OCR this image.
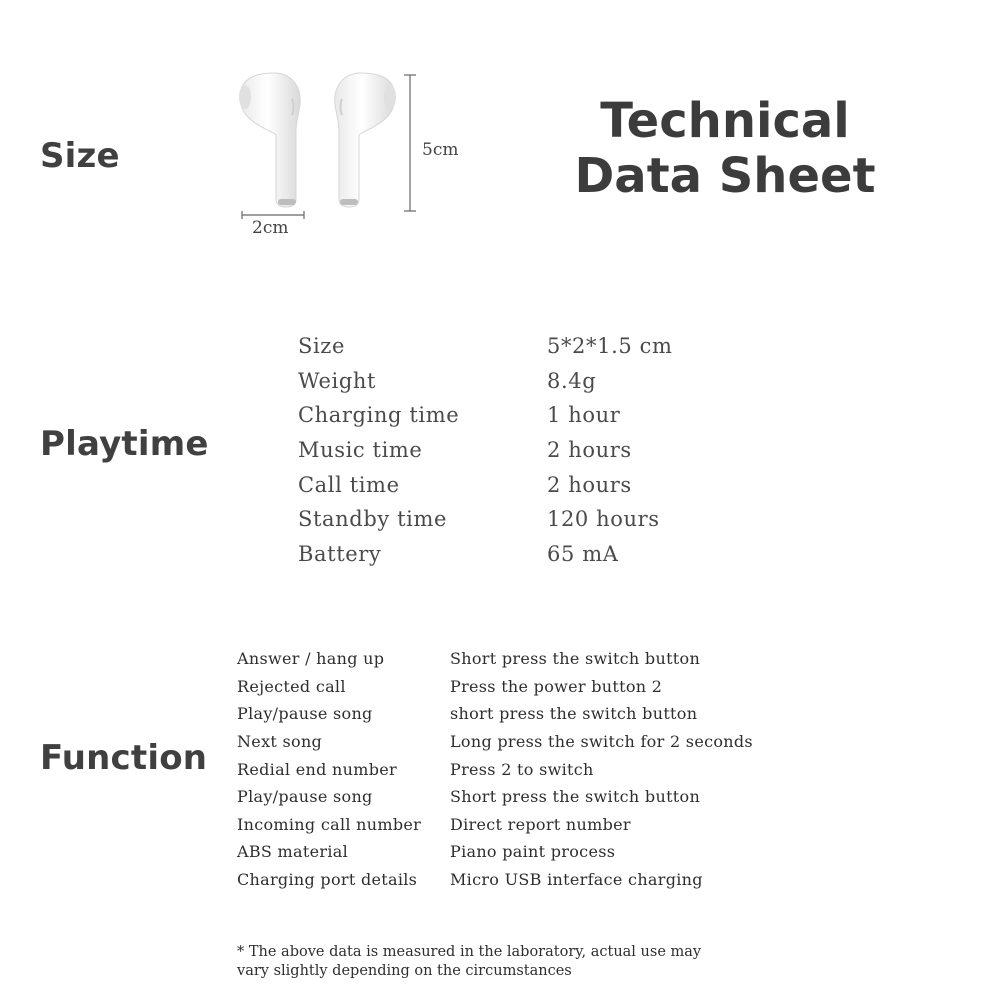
Size
Playtime
Function
Technical
Data Sheet
5cm
2cm
Size	5*2*1.5 cm
Weight	8.4g
Charging time	1 hour
Music time	2 hours
Call time	2 hours
Standby time	120 hours
Battery	65 mA
Answer / hang up	Short press the switch button
Rejected call	Press the power button 2
Play/pause song	short press the switch button
Next song	Long press the switch for 2 seconds
Redial end number	Press 2 to switch
Play/pause song	Short press the switch button
Incoming call number	Direct report number
ABS material	Piano paint process
Charging port details	Micro USB interface charging
* The above data is measured in the laboratory, actual use may
vary slightly depending on the circumstances
